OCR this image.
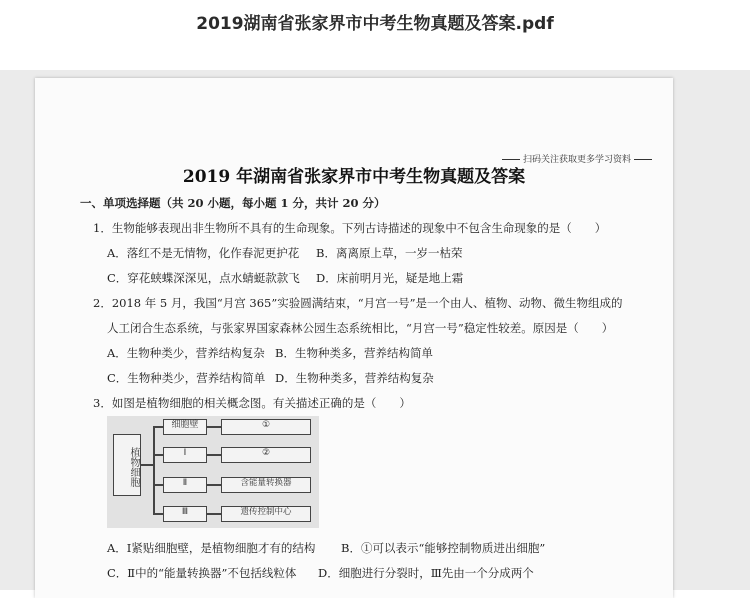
2019湖南省张家界市中考生物真题及答案.pdf
扫码关注获取更多学习资料
2019 年湖南省张家界市中考生物真题及答案
一、单项选择题（共 20 小题，每小题 1 分，共计 20 分）
1．生物能够表现出非生物所不具有的生命现象。下列古诗描述的现象中不包含生命现象的是（　　）
A．落红不是无情物，化作春泥更护花 B．离离原上草，一岁一枯荣
C．穿花蛱蝶深深见，点水蜻蜓款款飞 D．床前明月光，疑是地上霜
2．2018 年 5 月，我国“月宫 365”实验圆满结束，“月宫一号”是一个由人、植物、动物、微生物组成的
人工闭合生态系统，与张家界国家森林公园生态系统相比，“月宫一号”稳定性较差。原因是（　　）
A．生物种类少，营养结构复杂 B．生物种类多，营养结构简单
C．生物种类少，营养结构简单 D．生物种类多，营养结构复杂
3．如图是植物细胞的相关概念图。有关描述正确的是（　　）
植物细胞
细胞壁	①
Ⅰ	②
Ⅱ	含能量转换器
Ⅲ	遗传控制中心
A．Ⅰ紧贴细胞壁，是植物细胞才有的结构 B．①可以表示“能够控制物质进出细胞”
C．Ⅱ中的“能量转换器”不包括线粒体 D．细胞进行分裂时，Ⅲ先由一个分成两个
